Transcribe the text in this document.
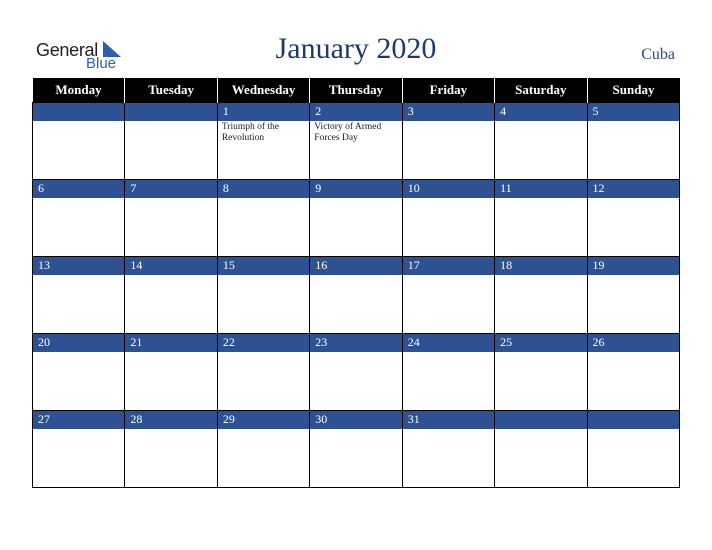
General
Blue	January 2020	Cuba
Monday	Tuesday	Wednesday	Thursday	Friday	Saturday	Sunday

		1	2	3	4	5

		Triumph of the Revolution	Victory of Armed Forces Day			

6	7	8	9	10	11	12

13	14	15	16	17	18	19

20	21	22	23	24	25	26

27	28	29	30	31		
